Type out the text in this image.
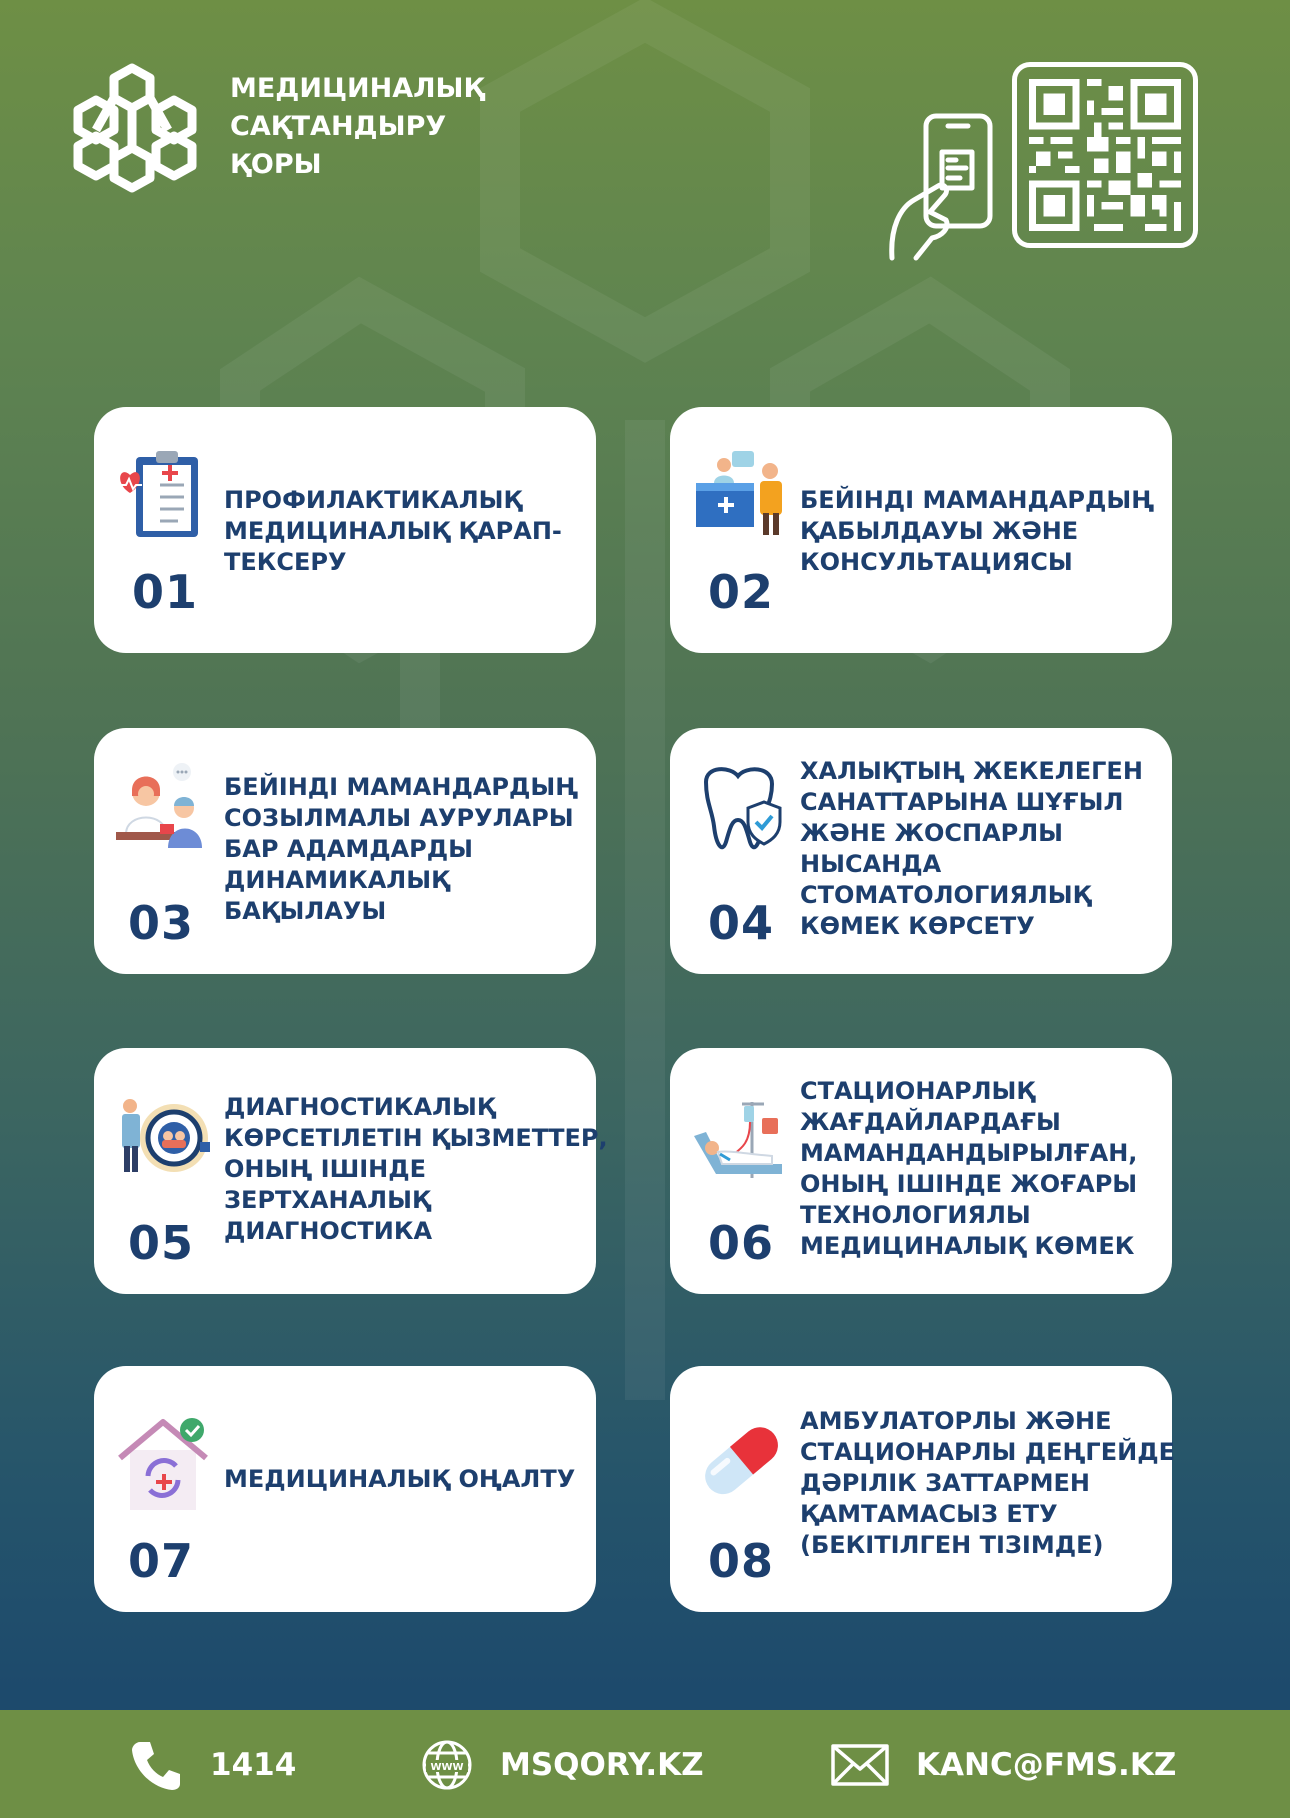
МЕДИЦИНАЛЫҚ
САҚТАНДЫРУ
ҚОРЫ
ПРОФИЛАКТИКАЛЫҚ
МЕДИЦИНАЛЫҚ ҚАРАП-
ТЕКСЕРУ
01
БЕЙІНДІ МАМАНДАРДЫҢ
ҚАБЫЛДАУЫ ЖӘНЕ
КОНСУЛЬТАЦИЯСЫ
02
БЕЙІНДІ МАМАНДАРДЫҢ
СОЗЫЛМАЛЫ АУРУЛАРЫ
БАР АДАМДАРДЫ
ДИНАМИКАЛЫҚ
БАҚЫЛАУЫ
03
ХАЛЫҚТЫҢ ЖЕКЕЛЕГЕН
САНАТТАРЫНА ШҰҒЫЛ
ЖӘНЕ ЖОСПАРЛЫ
НЫСАНДА
СТОМАТОЛОГИЯЛЫҚ
КӨМЕК КӨРСЕТУ
04
ДИАГНОСТИКАЛЫҚ
КӨРСЕТІЛЕТІН ҚЫЗМЕТТЕР,
ОНЫҢ ІШІНДЕ
ЗЕРТХАНАЛЫҚ
ДИАГНОСТИКА
05
СТАЦИОНАРЛЫҚ
ЖАҒДАЙЛАРДАҒЫ
МАМАНДАНДЫРЫЛҒАН,
ОНЫҢ ІШІНДЕ ЖОҒАРЫ
ТЕХНОЛОГИЯЛЫ
МЕДИЦИНАЛЫҚ КӨМЕК
06
МЕДИЦИНАЛЫҚ ОҢАЛТУ
07
АМБУЛАТОРЛЫ ЖӘНЕ
СТАЦИОНАРЛЫ ДЕҢГЕЙДЕ
ДӘРІЛІК ЗАТТАРМЕН
ҚАМТАМАСЫЗ ЕТУ
(БЕКІТІЛГЕН ТІЗІМДЕ)
08
1414	WWW MSQORY.KZ	KANC@FMS.KZ
